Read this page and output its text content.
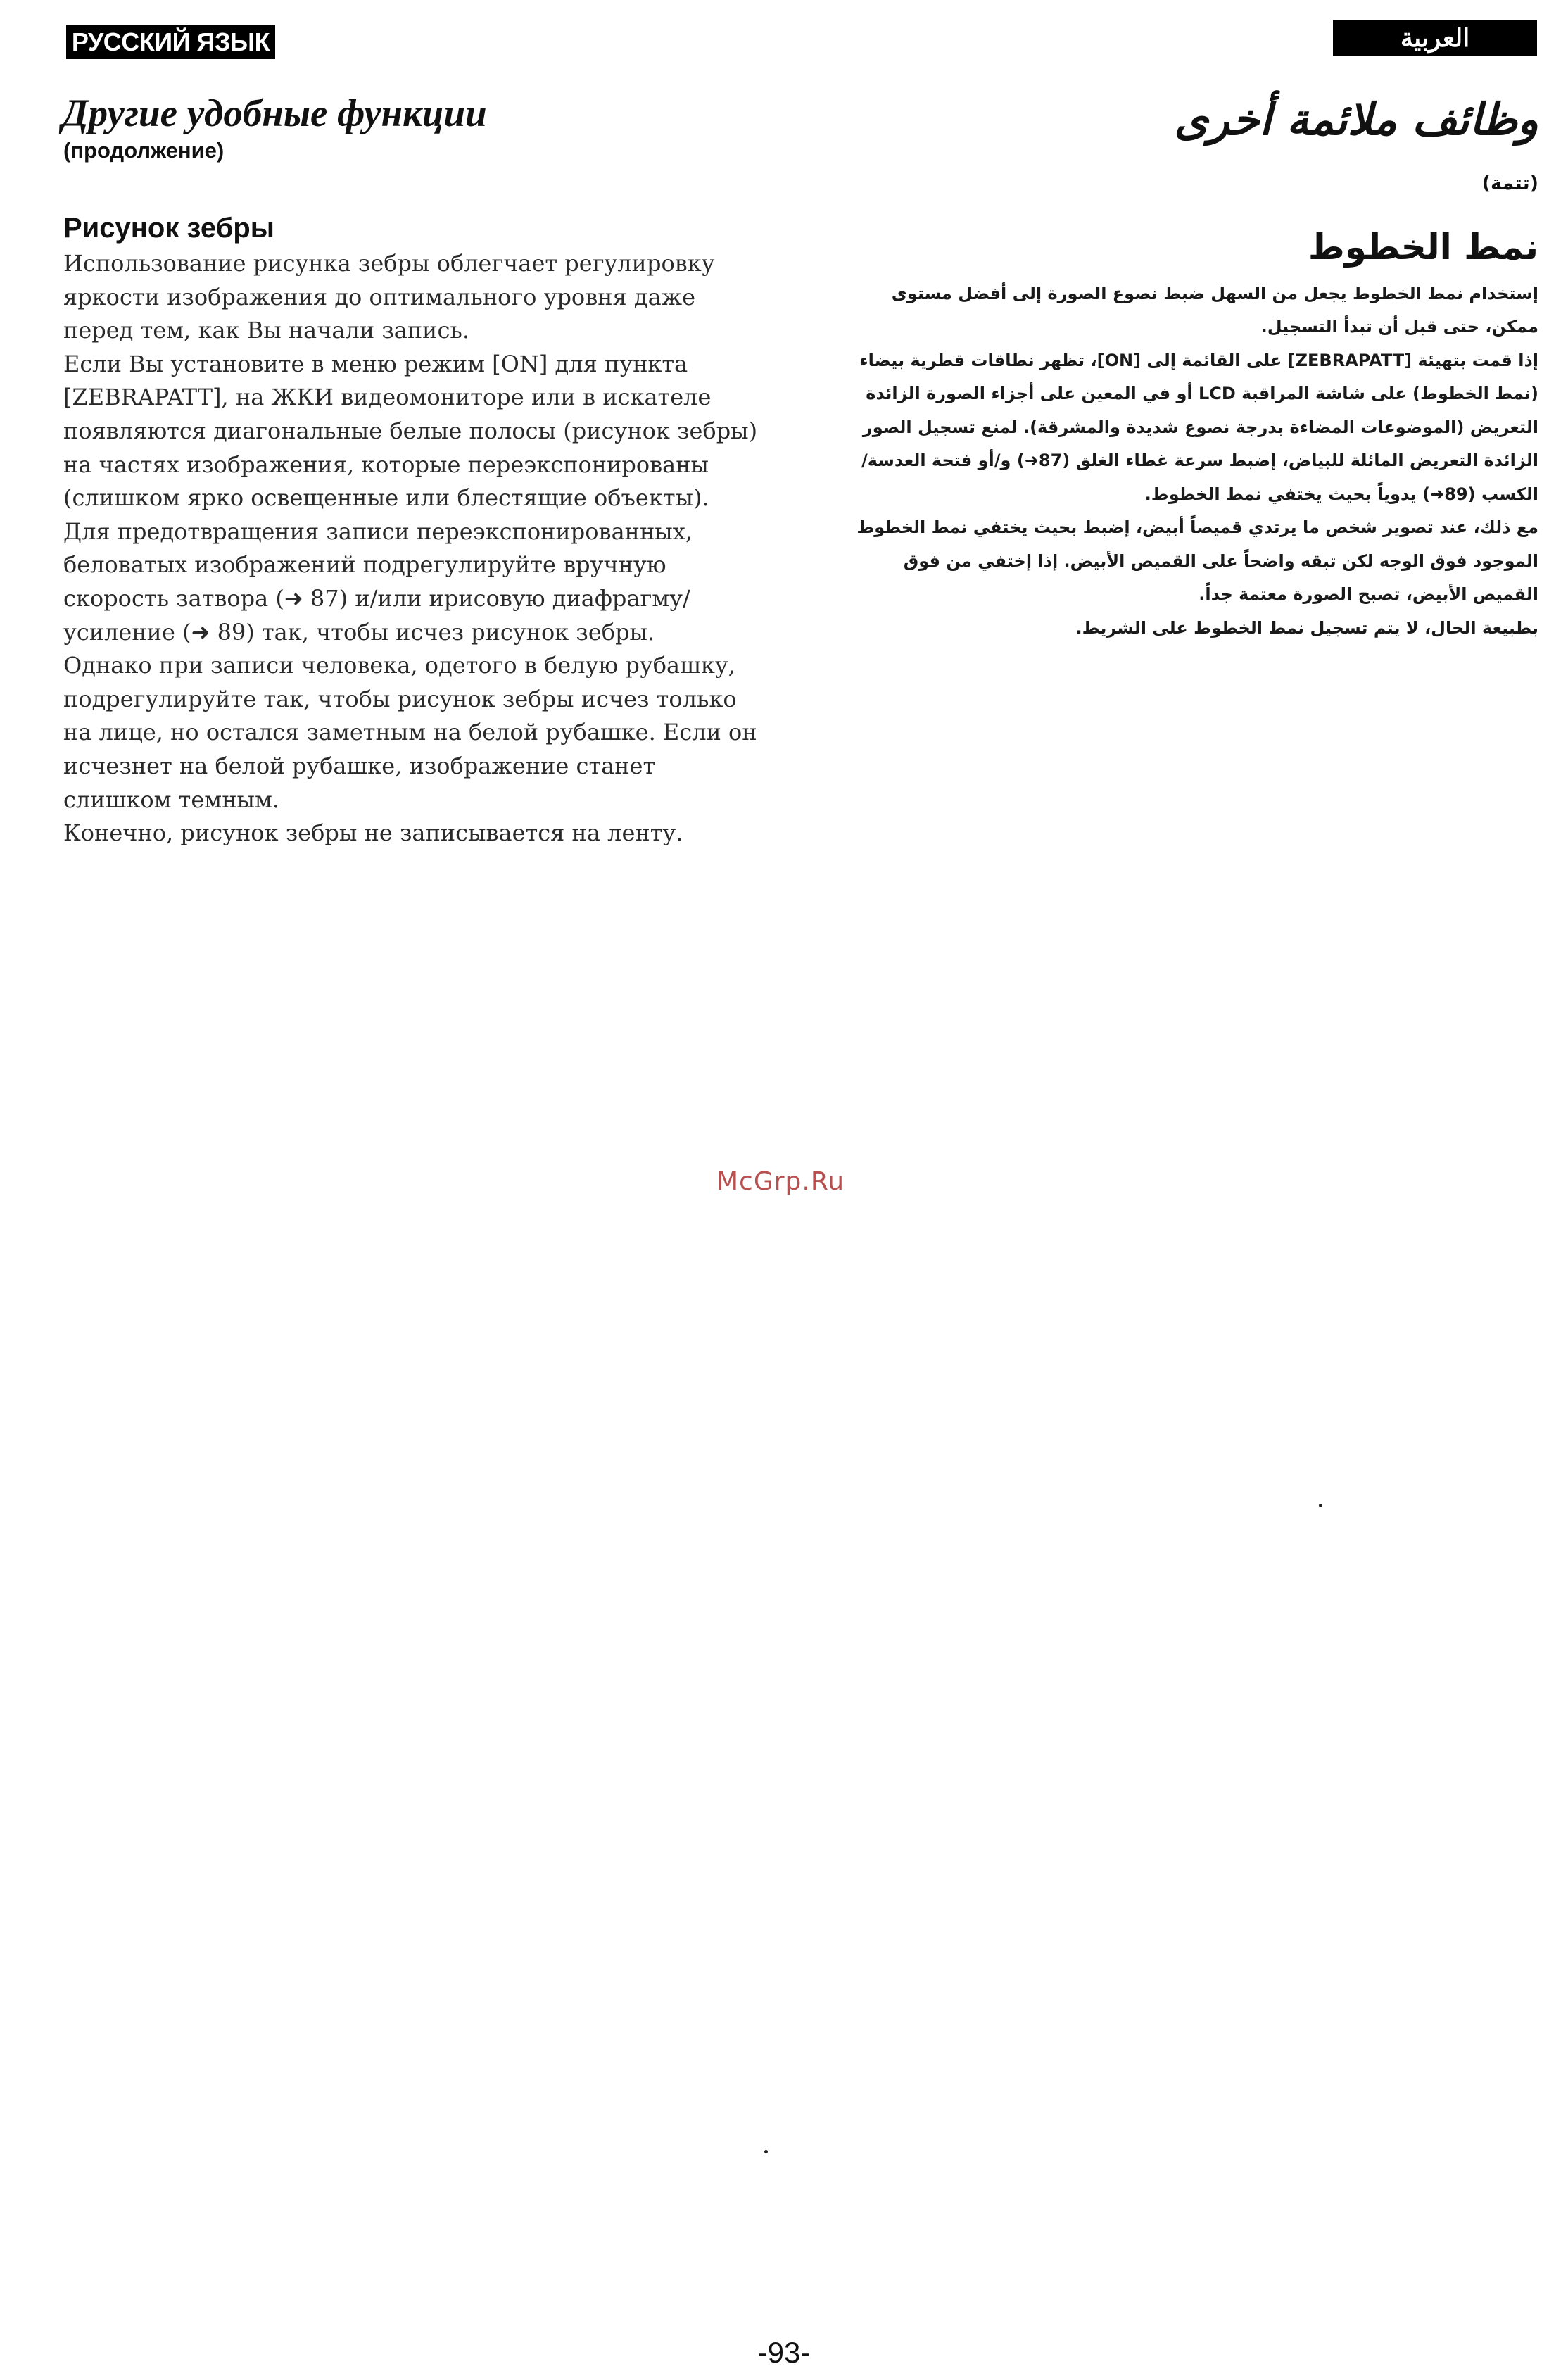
РУССКИЙ ЯЗЫК	العربية
Другие удобные функции
(продолжение)
Рисунок зебры

Использование рисунка зебры облегчает регулировку яркости изображения до оптимального уровня даже перед тем, как Вы начали запись.

Если Вы установите в меню режим [ON] для пункта [ZEBRAPATT], на ЖКИ видеомониторе или в искателе появляются диагональные белые полосы (рисунок зебры) на частях изображения, которые переэкспонированы (слишком ярко освещенные или блестящие объекты). Для предотвращения записи переэкспонированных, беловатых изображений подрегулируйте вручную скорость затвора (➜ 87) и/или ирисовую диафрагму/усиление (➜ 89) так, чтобы исчез рисунок зебры.

Однако при записи человека, одетого в белую рубашку, подрегулируйте так, чтобы рисунок зебры исчез только на лице, но остался заметным на белой рубашке. Если он исчезнет на белой рубашке, изображение станет слишком темным.

Конечно, рисунок зебры не записывается на ленту.

وظائف ملائمة أخرى
(تتمة)
نمط الخطوط

إستخدام نمط الخطوط يجعل من السهل ضبط نصوع الصورة إلى أفضل مستوى ممكن، حتى قبل أن تبدأ التسجيل.

إذا قمت بتهيئة [ZEBRAPATT] على القائمة إلى [ON]، تظهر نطاقات قطرية بيضاء (نمط الخطوط) على شاشة المراقبة LCD أو في المعين على أجزاء الصورة الزائدة التعريض (الموضوعات المضاءة بدرجة نصوع شديدة والمشرقة). لمنع تسجيل الصور الزائدة التعريض المائلة للبياض، إضبط سرعة غطاء الغلق (87➜) و/أو فتحة العدسة/الكسب (89➜) يدوياً بحيث يختفي نمط الخطوط.

مع ذلك، عند تصوير شخص ما يرتدي قميصاً أبيض، إضبط بحيث يختفي نمط الخطوط الموجود فوق الوجه لكن تبقه واضحاً على القميص الأبيض. إذا إختفي من فوق القميص الأبيض، تصبح الصورة معتمة جداً.

بطبيعة الحال، لا يتم تسجيل نمط الخطوط على الشريط.

McGrp.Ru
-93-
